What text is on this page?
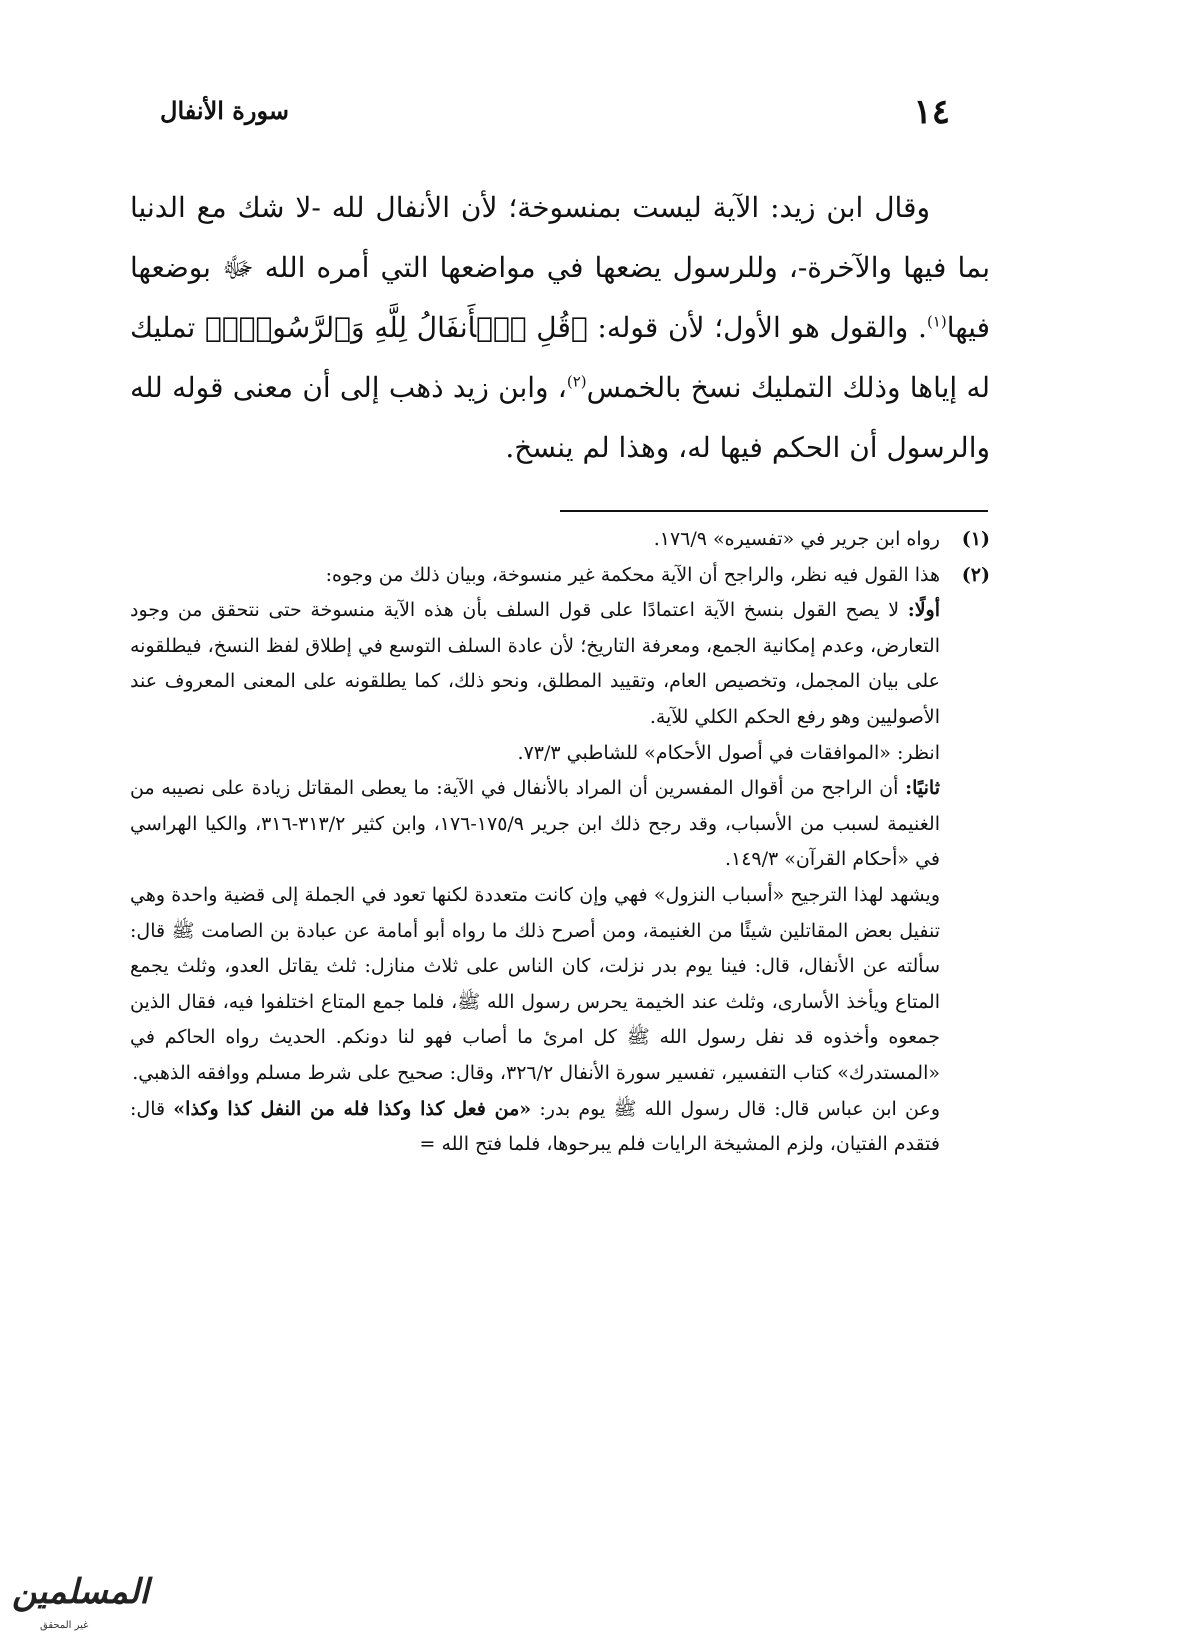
١٤
سورة الأنفال

وقال ابن زيد: الآية ليست بمنسوخة؛ لأن الأنفال لله -لا شك مع الدنيا بما فيها والآخرة-، وللرسول يضعها في مواضعها التي أمره الله ﷻ بوضعها فيها$^{(١)}$. والقول هو الأول؛ لأن قوله: ﴿قُلِ ٱلۡأَنفَالُ لِلَّهِ وَٱلرَّسُولِۖ﴾ تمليك له إياها وذلك التمليك نسخ بالخمس$^{(٢)}$، وابن زيد ذهب إلى أن معنى قوله لله والرسول أن الحكم فيها له، وهذا لم ينسخ.

(١)
رواه ابن جرير في «تفسيره» ١٧٦/٩.
(٢)

هذا القول فيه نظر، والراجح أن الآية محكمة غير منسوخة، وبيان ذلك من وجوه:

أولًا: لا يصح القول بنسخ الآية اعتمادًا على قول السلف بأن هذه الآية منسوخة حتى نتحقق من وجود التعارض، وعدم إمكانية الجمع، ومعرفة التاريخ؛ لأن عادة السلف التوسع في إطلاق لفظ النسخ، فيطلقونه على بيان المجمل، وتخصيص العام، وتقييد المطلق، ونحو ذلك، كما يطلقونه على المعنى المعروف عند الأصوليين وهو رفع الحكم الكلي للآية.

انظر: «الموافقات في أصول الأحكام» للشاطبي ٧٣/٣.

ثانيًا: أن الراجح من أقوال المفسرين أن المراد بالأنفال في الآية: ما يعطى المقاتل زيادة على نصيبه من الغنيمة لسبب من الأسباب، وقد رجح ذلك ابن جرير ١٧٥/٩-١٧٦، وابن كثير ٣١٣/٢-٣١٦، والكيا الهراسي في «أحكام القرآن» ١٤٩/٣.

ويشهد لهذا الترجيح «أسباب النزول» فهي وإن كانت متعددة لكنها تعود في الجملة إلى قضية واحدة وهي تنفيل بعض المقاتلين شيئًا من الغنيمة، ومن أصرح ذلك ما رواه أبو أمامة عن عبادة بن الصامت ﷺ قال: سألته عن الأنفال، قال: فينا يوم بدر نزلت، كان الناس على ثلاث منازل: ثلث يقاتل العدو، وثلث يجمع المتاع ويأخذ الأسارى، وثلث عند الخيمة يحرس رسول الله ﷺ، فلما جمع المتاع اختلفوا فيه، فقال الذين جمعوه وأخذوه قد نفل رسول الله ﷺ كل امرئ ما أصاب فهو لنا دونكم. الحديث رواه الحاكم في «المستدرك» كتاب التفسير، تفسير سورة الأنفال ٣٢٦/٢، وقال: صحيح على شرط مسلم ووافقه الذهبي.

وعن ابن عباس قال: قال رسول الله ﷺ يوم بدر: «من فعل كذا وكذا فله من النفل كذا وكذا» قال: فتقدم الفتيان، ولزم المشيخة الرايات فلم يبرحوها، فلما فتح الله =

المسلمين
غير المحقق
